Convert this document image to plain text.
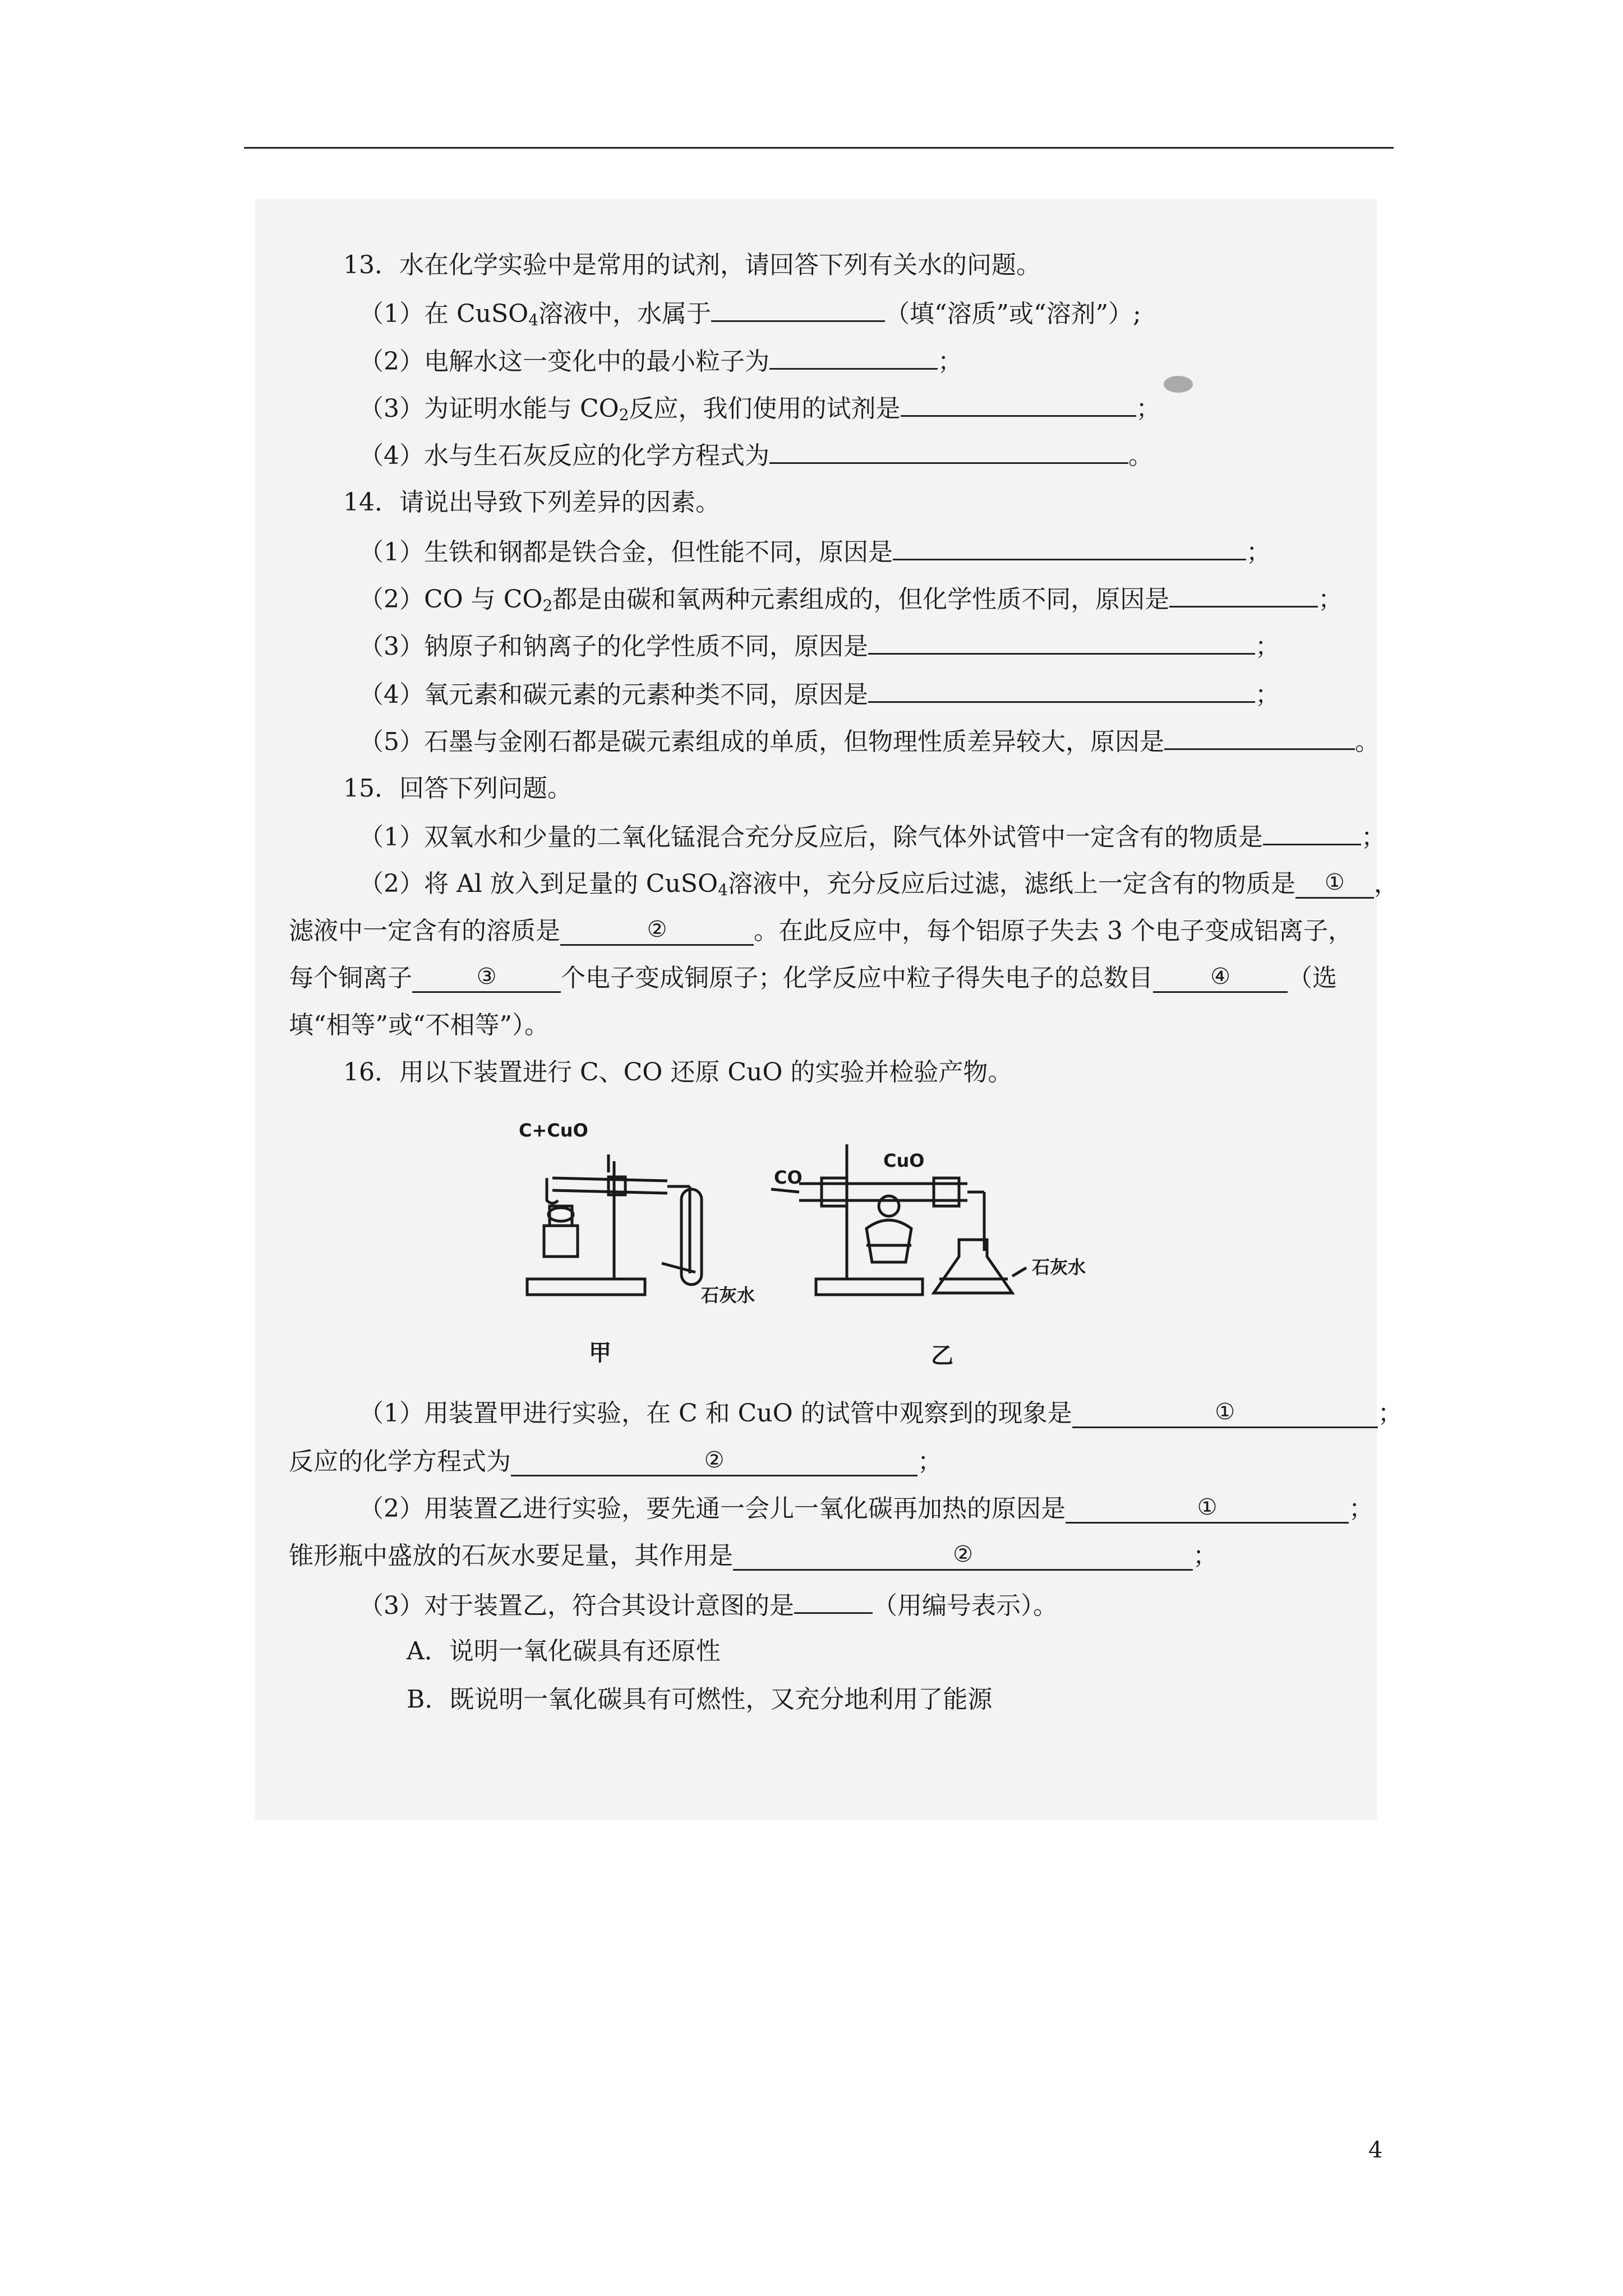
13．水在化学实验中是常用的试剂，请回答下列有关水的问题。
（1）在 CuSO$_4$溶液中，水属于	（填“溶质”或“溶剂”）;
（2）电解水这一变化中的最小粒子为	；
（3）为证明水能与 $CO_2$反应，我们使用的试剂是	；
（4）水与生石灰反应的化学方程式为	。
14．请说出导致下列差异的因素。
（1）生铁和钢都是铁合金，但性能不同，原因是	；
（2）CO 与 $CO_2$都是由碳和氧两种元素组成的，但化学性质不同，原因是	；
（3）钠原子和钠离子的化学性质不同，原因是	；
（4）氧元素和碳元素的元素种类不同，原因是	；
（5）石墨与金刚石都是碳元素组成的单质，但物理性质差异较大，原因是	。
15．回答下列问题。
（1）双氧水和少量的二氧化锰混合充分反应后，除气体外试管中一定含有的物质是	；
（2）将 Al 放入到足量的 CuSO$_4$溶液中，充分反应后过滤，滤纸上一定含有的物质是 ① ，
滤液中一定含有的溶质是	②	。在此反应中，每个铝原子失去 3 个电子变成铝离子，
每个铜离子	③	个电子变成铜原子；化学反应中粒子得失电子的总数目	④ （选
填“相等”或“不相等”）。
16．用以下装置进行 C、CO 还原 CuO 的实验并检验产物。
C+CuO
石灰水
CO
CuO
石灰水
甲	乙
（1）用装置甲进行实验，在 C 和 CuO 的试管中观察到的现象是	①	；
反应的化学方程式为	②	；
（2）用装置乙进行实验，要先通一会儿一氧化碳再加热的原因是	①	；
锥形瓶中盛放的石灰水要足量，其作用是	②	；
（3）对于装置乙，符合其设计意图的是	（用编号表示）。
A．说明一氧化碳具有还原性
B．既说明一氧化碳具有可燃性，又充分地利用了能源
4
